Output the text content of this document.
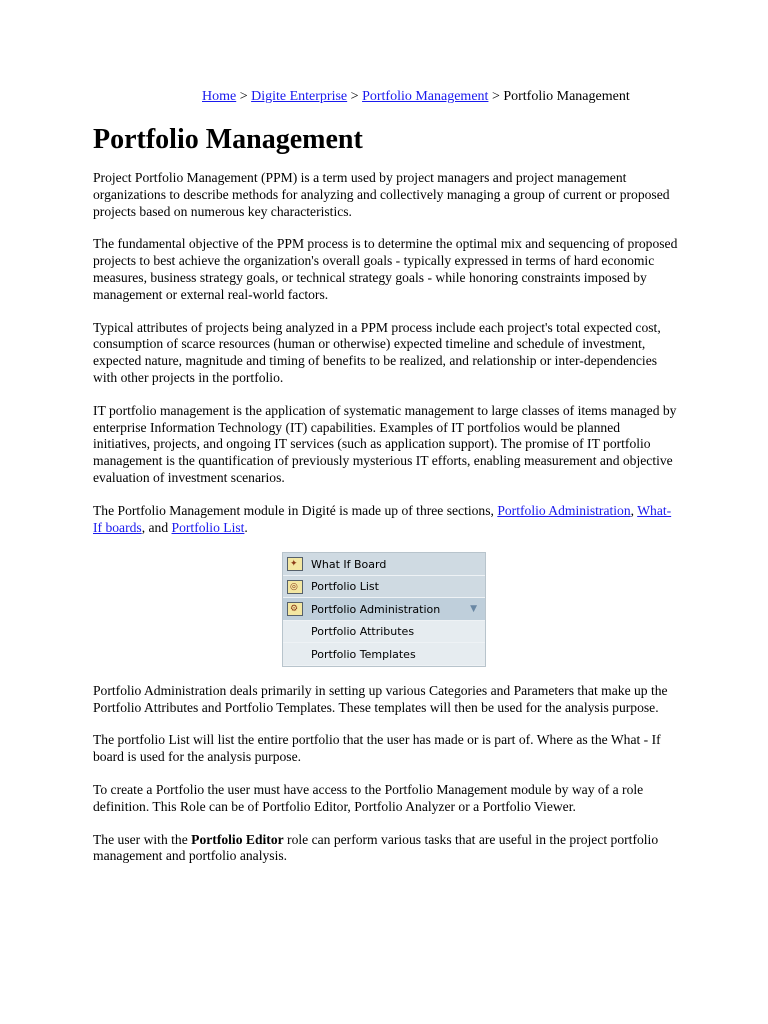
Home > Digite Enterprise > Portfolio Management > Portfolio Management
Portfolio Management

Project Portfolio Management (PPM) is a term used by project managers and project management organizations to describe methods for analyzing and collectively managing a group of current or proposed projects based on numerous key characteristics.

The fundamental objective of the PPM process is to determine the optimal mix and sequencing of proposed projects to best achieve the organization's overall goals - typically expressed in terms of hard economic measures, business strategy goals, or technical strategy goals - while honoring constraints imposed by management or external real-world factors.

Typical attributes of projects being analyzed in a PPM process include each project's total expected cost, consumption of scarce resources (human or otherwise) expected timeline and schedule of investment, expected nature, magnitude and timing of benefits to be realized, and relationship or inter-dependencies with other projects in the portfolio.

IT portfolio management is the application of systematic management to large classes of items managed by enterprise Information Technology (IT) capabilities. Examples of IT portfolios would be planned initiatives, projects, and ongoing IT services (such as application support). The promise of IT portfolio management is the quantification of previously mysterious IT efforts, enabling measurement and objective evaluation of investment scenarios.

The Portfolio Management module in Digité is made up of three sections, Portfolio Administration, What-If boards, and Portfolio List.

✦ What If Board
◎ Portfolio List
⚙ Portfolio Administration	▼
Portfolio Attributes
Portfolio Templates

Portfolio Administration deals primarily in setting up various Categories and Parameters that make up the Portfolio Attributes and Portfolio Templates. These templates will then be used for the analysis purpose.

The portfolio List will list the entire portfolio that the user has made or is part of. Where as the What - If board is used for the analysis purpose.

To create a Portfolio the user must have access to the Portfolio Management module by way of a role definition. This Role can be of Portfolio Editor, Portfolio Analyzer or a Portfolio Viewer.

The user with the Portfolio Editor role can perform various tasks that are useful in the project portfolio management and portfolio analysis.
